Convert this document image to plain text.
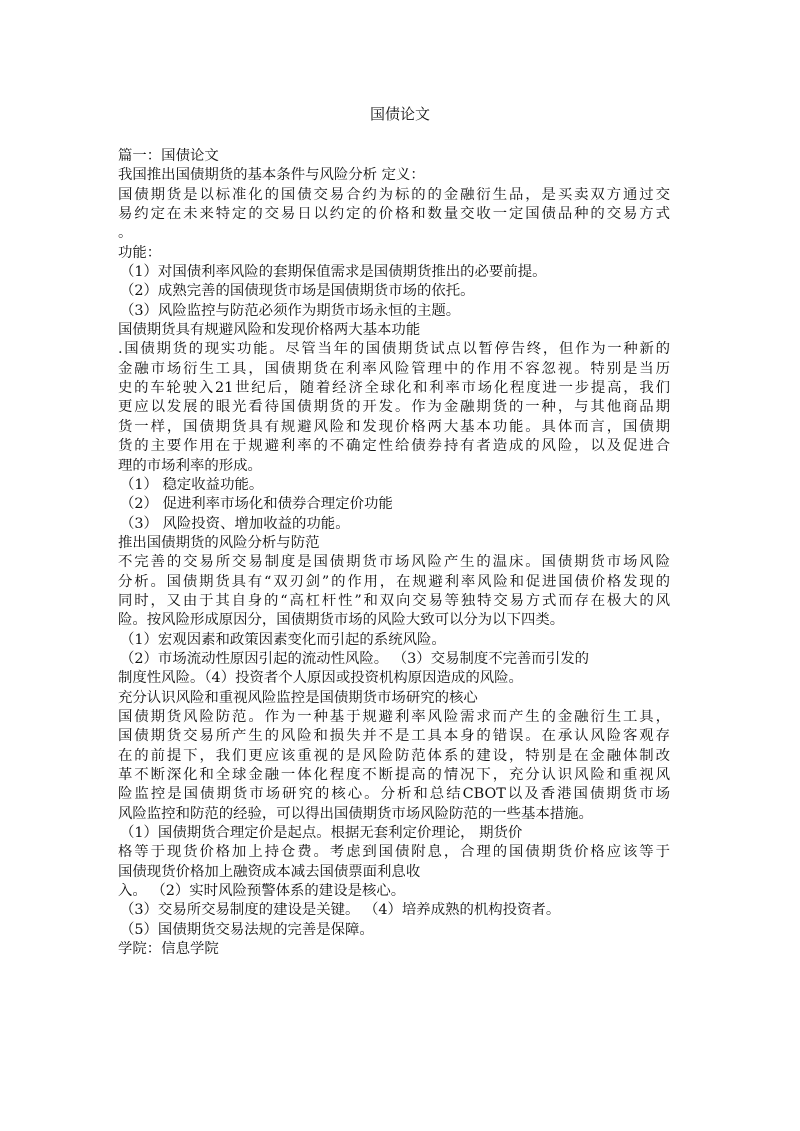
国债论文
篇一：国债论文
我国推出国债期货的基本条件与风险分析 定义：
国债期货是以标准化的国债交易合约为标的的金融衍生品，是买卖双方通过交
易约定在未来特定的交易日以约定的价格和数量交收一定国债品种的交易方式
。
功能：
（1）对国债利率风险的套期保值需求是国债期货推出的必要前提。
（2）成熟完善的国债现货市场是国债期货市场的依托。
（3）风险监控与防范必须作为期货市场永恒的主题。
国债期货具有规避风险和发现价格两大基本功能
.国债期货的现实功能。尽管当年的国债期货试点以暂停告终，但作为一种新的
金融市场衍生工具，国债期货在利率风险管理中的作用不容忽视。特别是当历
史的车轮驶入21世纪后，随着经济全球化和利率市场化程度进一步提高，我们
更应以发展的眼光看待国债期货的开发。作为金融期货的一种，与其他商品期
货一样，国债期货具有规避风险和发现价格两大基本功能。具体而言，国债期
货的主要作用在于规避利率的不确定性给债券持有者造成的风险，以及促进合
理的市场利率的形成。
（1） 稳定收益功能。
（2） 促进利率市场化和债券合理定价功能
（3） 风险投资、增加收益的功能。
推出国债期货的风险分析与防范
不完善的交易所交易制度是国债期货市场风险产生的温床。国债期货市场风险
分析。国债期货具有“双刃剑”的作用，在规避利率风险和促进国债价格发现的
同时，又由于其自身的“高杠杆性”和双向交易等独特交易方式而存在极大的风
险。按风险形成原因分，国债期货市场的风险大致可以分为以下四类。
（1）宏观因素和政策因素变化而引起的系统风险。
（2）市场流动性原因引起的流动性风险。 （3）交易制度不完善而引发的
制度性风险。（4）投资者个人原因或投资机构原因造成的风险。
充分认识风险和重视风险监控是国债期货市场研究的核心
国债期货风险防范。作为一种基于规避利率风险需求而产生的金融衍生工具，
国债期货交易所产生的风险和损失并不是工具本身的错误。在承认风险客观存
在的前提下，我们更应该重视的是风险防范体系的建设，特别是在金融体制改
革不断深化和全球金融一体化程度不断提高的情况下，充分认识风险和重视风
险监控是国债期货市场研究的核心。分析和总结CBOT以及香港国债期货市场
风险监控和防范的经验，可以得出国债期货市场风险防范的一些基本措施。
（1）国债期货合理定价是起点。根据无套利定价理论， 期货价
格等于现货价格加上持仓费。考虑到国债附息，合理的国债期货价格应该等于
国债现货价格加上融资成本减去国债票面利息收
入。 （2）实时风险预警体系的建设是核心。
（3）交易所交易制度的建设是关键。 （4）培养成熟的机构投资者。
（5）国债期货交易法规的完善是保障。
学院：信息学院
